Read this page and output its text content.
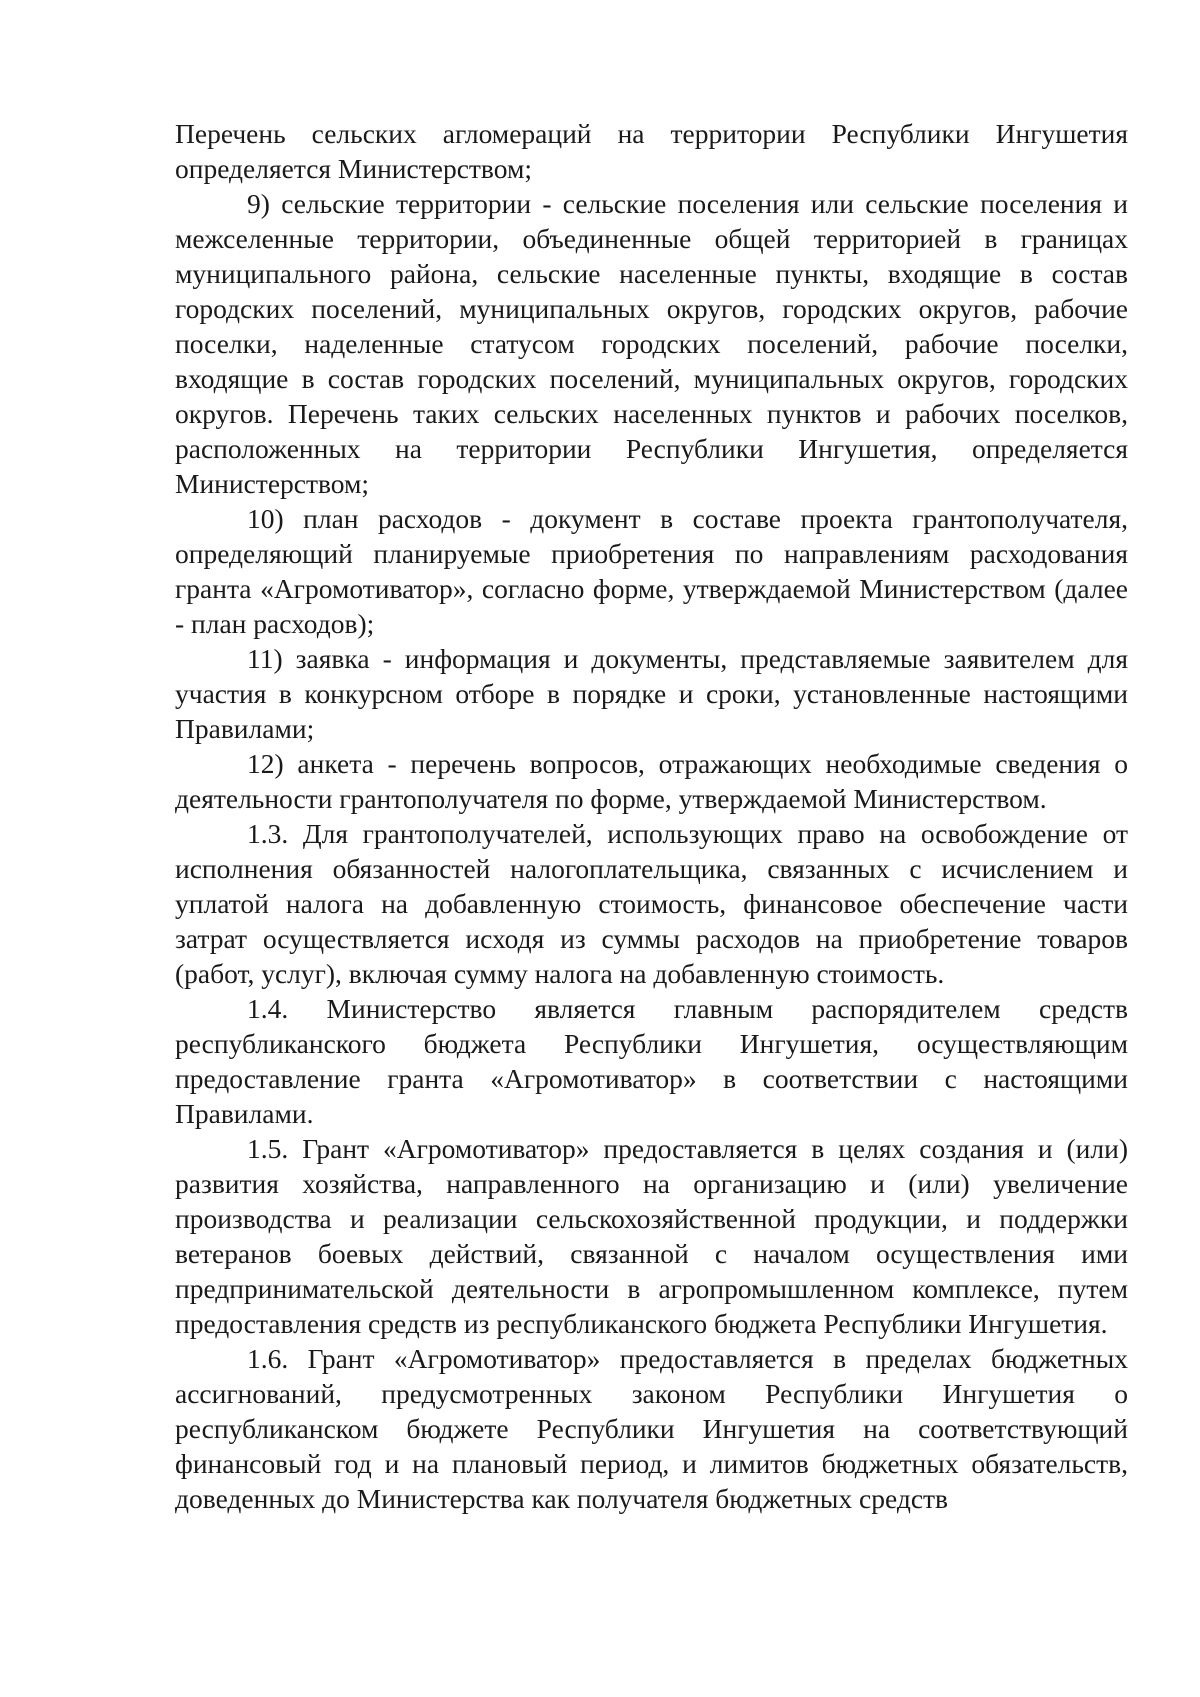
Перечень сельских агломераций на территории Республики Ингушетия определяется Министерством;

9) сельские территории - сельские поселения или сельские поселения и межселенные территории, объединенные общей территорией в границах муниципального района, сельские населенные пункты, входящие в состав городских поселений, муниципальных округов, городских округов, рабочие поселки, наделенные статусом городских поселений, рабочие поселки, входящие в состав городских поселений, муниципальных округов, городских округов. Перечень таких сельских населенных пунктов и рабочих поселков, расположенных на территории Республики Ингушетия, определяется Министерством;

10) план расходов - документ в составе проекта грантополучателя, определяющий планируемые приобретения по направлениям расходования гранта «Агромотиватор», согласно форме, утверждаемой Министерством (далее - план расходов);

11) заявка - информация и документы, представляемые заявителем для участия в конкурсном отборе в порядке и сроки, установленные настоящими Правилами;

12) анкета - перечень вопросов, отражающих необходимые сведения о деятельности грантополучателя по форме, утверждаемой Министерством.

1.3. Для грантополучателей, использующих право на освобождение от исполнения обязанностей налогоплательщика, связанных с исчислением и уплатой налога на добавленную стоимость, финансовое обеспечение части затрат осуществляется исходя из суммы расходов на приобретение товаров (работ, услуг), включая сумму налога на добавленную стоимость.

1.4. Министерство является главным распорядителем средств республиканского бюджета Республики Ингушетия, осуществляющим предоставление гранта «Агромотиватор» в соответствии с настоящими Правилами.

1.5. Грант «Агромотиватор» предоставляется в целях создания и (или) развития хозяйства, направленного на организацию и (или) увеличение производства и реализации сельскохозяйственной продукции, и поддержки ветеранов боевых действий, связанной с началом осуществления ими предпринимательской деятельности в агропромышленном комплексе, путем предоставления средств из республиканского бюджета Республики Ингушетия.

1.6. Грант «Агромотиватор» предоставляется в пределах бюджетных ассигнований, предусмотренных законом Республики Ингушетия о республиканском бюджете Республики Ингушетия на соответствующий финансовый год и на плановый период, и лимитов бюджетных обязательств, доведенных до Министерства как получателя бюджетных средств
